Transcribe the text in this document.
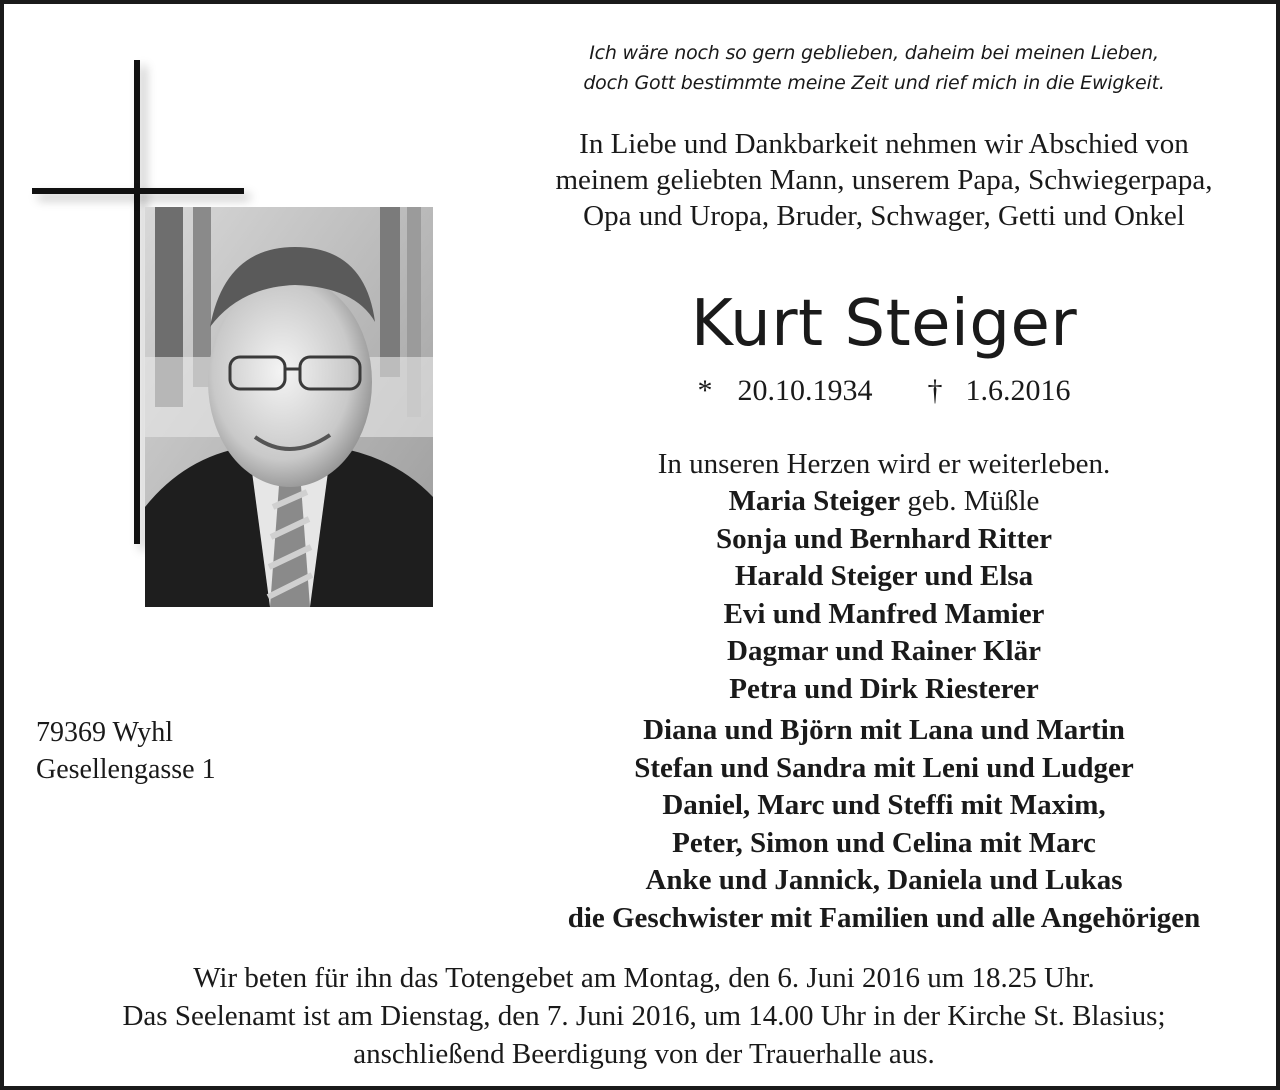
Ich wäre noch so gern geblieben, daheim bei meinen Lieben,
doch Gott bestimmte meine Zeit und rief mich in die Ewigkeit.
In Liebe und Dankbarkeit nehmen wir Abschied von
meinem geliebten Mann, unserem Papa, Schwiegerpapa,
Opa und Uropa, Bruder, Schwager, Getti und Onkel
Kurt Steiger
* 20.10.1934 † 1.6.2016
In unseren Herzen wird er weiterleben.
Maria Steiger geb. Müßle
Sonja und Bernhard Ritter
Harald Steiger und Elsa
Evi und Manfred Mamier
Dagmar und Rainer Klär
Petra und Dirk Riesterer
79369 Wyhl
Gesellengasse 1
Diana und Björn mit Lana und Martin
Stefan und Sandra mit Leni und Ludger
Daniel, Marc und Steffi mit Maxim,
Peter, Simon und Celina mit Marc
Anke und Jannick, Daniela und Lukas
die Geschwister mit Familien und alle Angehörigen
Wir beten für ihn das Totengebet am Montag, den 6. Juni 2016 um 18.25 Uhr.
Das Seelenamt ist am Dienstag, den 7. Juni 2016, um 14.00 Uhr in der Kirche St. Blasius;
anschließend Beerdigung von der Trauerhalle aus.
